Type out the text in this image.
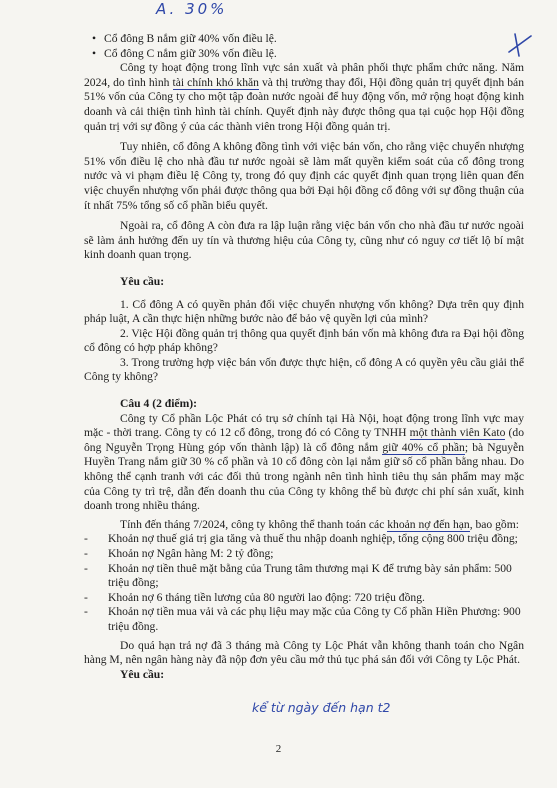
• Cổ đông B nắm giữ 40% vốn điều lệ.
• Cổ đông C nắm giữ 30% vốn điều lệ.

Công ty hoạt động trong lĩnh vực sản xuất và phân phối thực phẩm chức năng. Năm 2024, do tình hình tài chính khó khăn và thị trường thay đổi, Hội đồng quản trị quyết định bán 51% vốn của Công ty cho một tập đoàn nước ngoài để huy động vốn, mở rộng hoạt động kinh doanh và cải thiện tình hình tài chính. Quyết định này được thông qua tại cuộc họp Hội đồng quản trị với sự đồng ý của các thành viên trong Hội đồng quản trị.

Tuy nhiên, cổ đông A không đồng tình với việc bán vốn, cho rằng việc chuyển nhượng 51% vốn điều lệ cho nhà đầu tư nước ngoài sẽ làm mất quyền kiểm soát của cổ đông trong nước và vi phạm điều lệ Công ty, trong đó quy định các quyết định quan trọng liên quan đến việc chuyển nhượng vốn phải được thông qua bởi Đại hội đồng cổ đông với sự đồng thuận của ít nhất 75% tổng số cổ phần biểu quyết.

Ngoài ra, cổ đông A còn đưa ra lập luận rằng việc bán vốn cho nhà đầu tư nước ngoài sẽ làm ảnh hưởng đến uy tín và thương hiệu của Công ty, cũng như có nguy cơ tiết lộ bí mật kinh doanh quan trọng.

Yêu cầu:

1. Cổ đông A có quyền phản đối việc chuyển nhượng vốn không? Dựa trên quy định pháp luật, A cần thực hiện những bước nào để bảo vệ quyền lợi của mình?

2. Việc Hội đồng quản trị thông qua quyết định bán vốn mà không đưa ra Đại hội đồng cổ đông có hợp pháp không?

3. Trong trường hợp việc bán vốn được thực hiện, cổ đông A có quyền yêu cầu giải thể Công ty không?

Câu 4 (2 điểm):

Công ty Cổ phần Lộc Phát có trụ sở chính tại Hà Nội, hoạt động trong lĩnh vực may mặc - thời trang. Công ty có 12 cổ đông, trong đó có Công ty TNHH một thành viên Kato (do ông Nguyễn Trọng Hùng góp vốn thành lập) là cổ đông nắm giữ 40% cổ phần; bà Nguyễn Huyền Trang nắm giữ 30 % cổ phần và 10 cổ đông còn lại nắm giữ số cổ phần bằng nhau. Do không thể cạnh tranh với các đối thủ trong ngành nên tình hình tiêu thụ sản phẩm may mặc của Công ty trì trệ, dẫn đến doanh thu của Công ty không thể bù được chi phí sản xuất, kinh doanh trong nhiều tháng.

Tính đến tháng 7/2024, công ty không thể thanh toán các khoản nợ đến hạn, bao gồm:

-	Khoản nợ thuế giá trị gia tăng và thuế thu nhập doanh nghiệp, tổng cộng 800 triệu đồng;
-	Khoản nợ Ngân hàng M: 2 tỷ đồng;
-	Khoản nợ tiền thuê mặt bằng của Trung tâm thương mại K để trưng bày sản phẩm: 500 triệu đồng;
-	Khoản nợ 6 tháng tiền lương của 80 người lao động: 720 triệu đồng.
-	Khoản nợ tiền mua vải và các phụ liệu may mặc của Công ty Cổ phần Hiền Phương: 900 triệu đồng.

Do quá hạn trả nợ đã 3 tháng mà Công ty Lộc Phát vẫn không thanh toán cho Ngân hàng M, nên ngân hàng này đã nộp đơn yêu cầu mở thủ tục phá sản đối với Công ty Lộc Phát.

Yêu cầu:

A. 30%
kể từ ngày đến hạn t2
2
